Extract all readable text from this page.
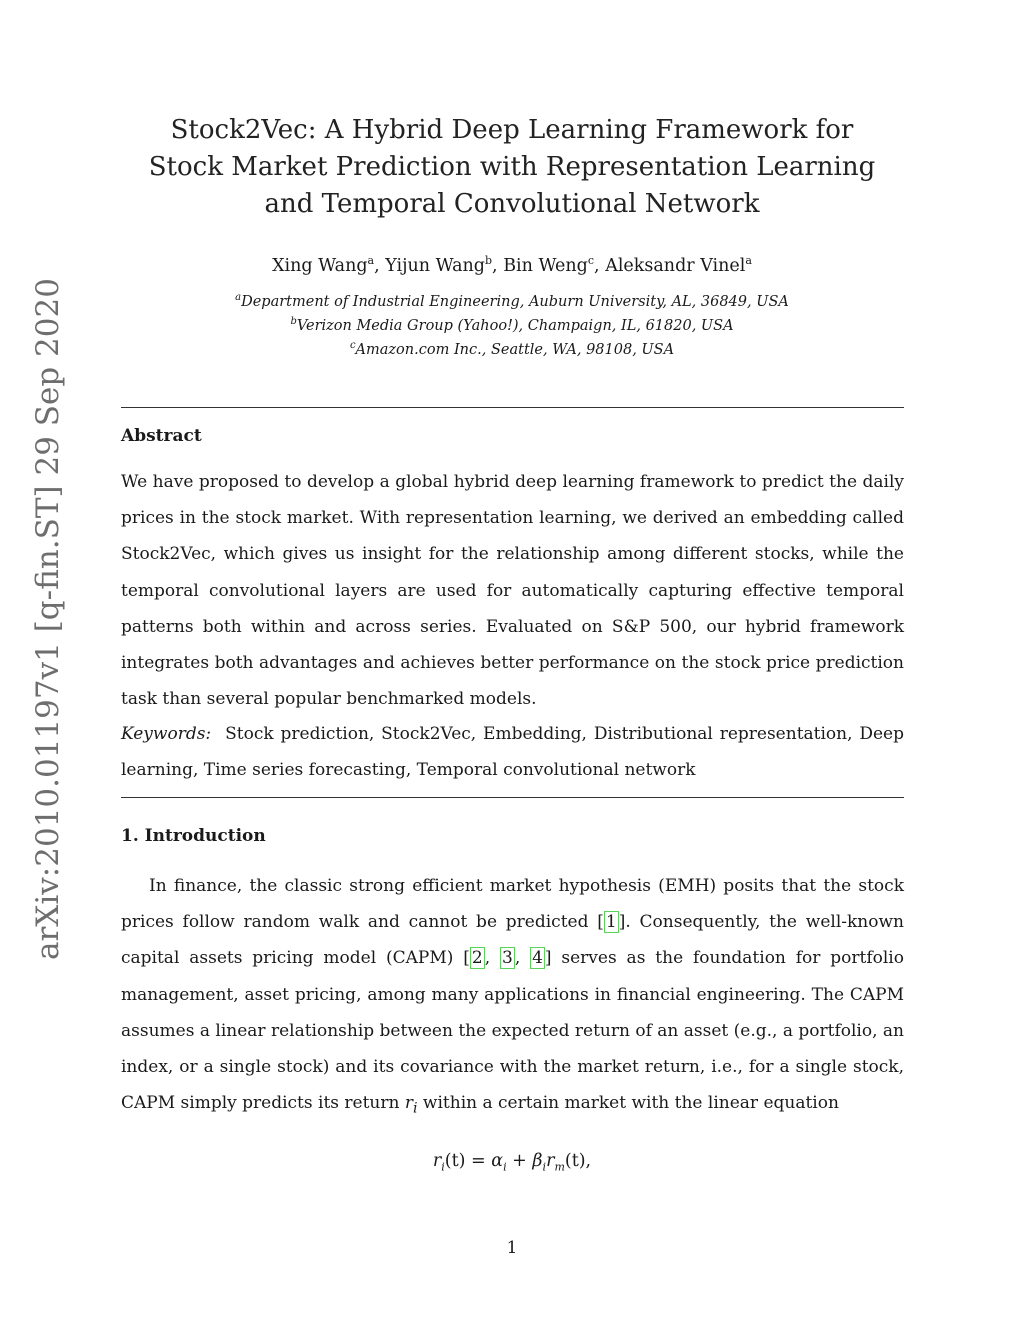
arXiv:2010.01197v1 [q-fin.ST] 29 Sep 2020
Stock2Vec: A Hybrid Deep Learning Framework for
Stock Market Prediction with Representation Learning
and Temporal Convolutional Network
Xing Wang$^a$, Yijun Wang$^b$, Bin Weng$^c$, Aleksandr Vinel$^a$
$^a$Department of Industrial Engineering, Auburn University, AL, 36849, USA
$^b$Verizon Media Group (Yahoo!), Champaign, IL, 61820, USA
$^c$Amazon.com Inc., Seattle, WA, 98108, USA
Abstract

We have proposed to develop a global hybrid deep learning framework to predict the daily prices in the stock market. With representation learning, we derived an embedding called Stock2Vec, which gives us insight for the relationship among different stocks, while the temporal convolutional layers are used for automatically capturing effective temporal patterns both within and across series. Evaluated on S&P 500, our hybrid framework integrates both advantages and achieves better performance on the stock price prediction task than several popular benchmarked models.

Keywords: Stock prediction, Stock2Vec, Embedding, Distributional representation, Deep learning, Time series forecasting, Temporal convolutional network

1. Introduction

In finance, the classic strong efficient market hypothesis (EMH) posits that the stock prices follow random walk and cannot be predicted [ 1 ]. Consequently, the well-known capital assets pricing model (CAPM) [ 2 , 3 , 4 ] serves as the foundation for portfolio management, asset pricing, among many applications in financial engineering. The CAPM assumes a linear relationship between the expected return of an asset (e.g., a portfolio, an index, or a single stock) and its covariance with the market return, i.e., for a single stock, CAPM simply predicts its return $r_i$ within a certain market with the linear equation

$r_i(t) = \alpha_i + \beta_ir_m(t)$,
1
